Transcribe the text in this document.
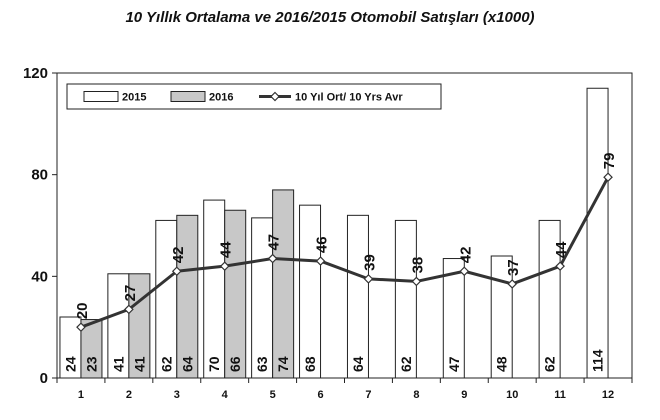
10 Yıllık Ortalama ve 2016/2015 Otomobil Satışları (x1000)
0
40
80
120
1	2	3	4	5	6	7	8	9	10	11	12
24 41 62 70 63 68 64 62 47 48 62 114
23 41 64 66 74
20
27
42 44 47 46
39 38
42
37
44
79
2015	2016	10 Yıl Ort/ 10 Yrs Avr
